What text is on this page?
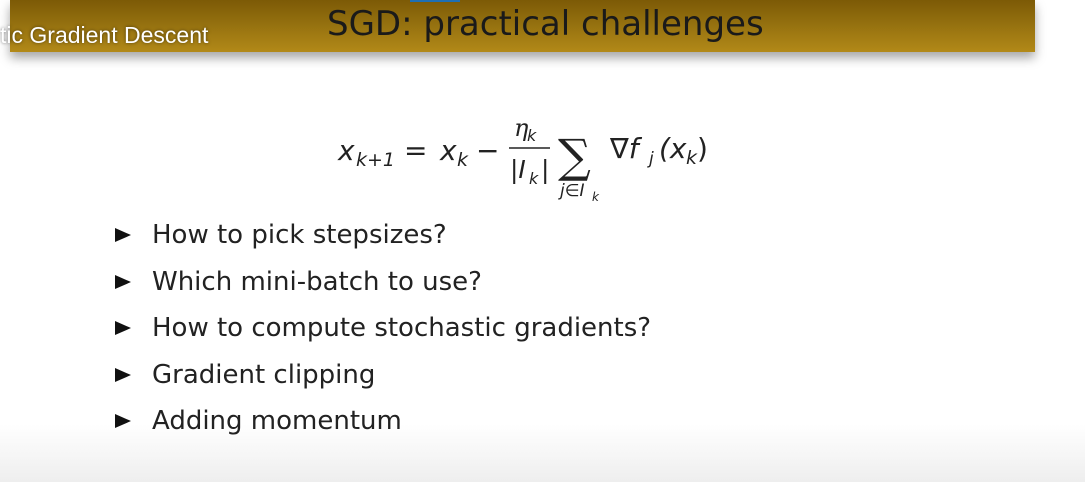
SGD: practical challenges
tic Gradient Descent
x k+1 = x k −
η
k
|I k | ∑
j∈I k
∇f j (x k )
How to pick stepsizes?
Which mini-batch to use?
How to compute stochastic gradients?
Gradient clipping
Adding momentum
